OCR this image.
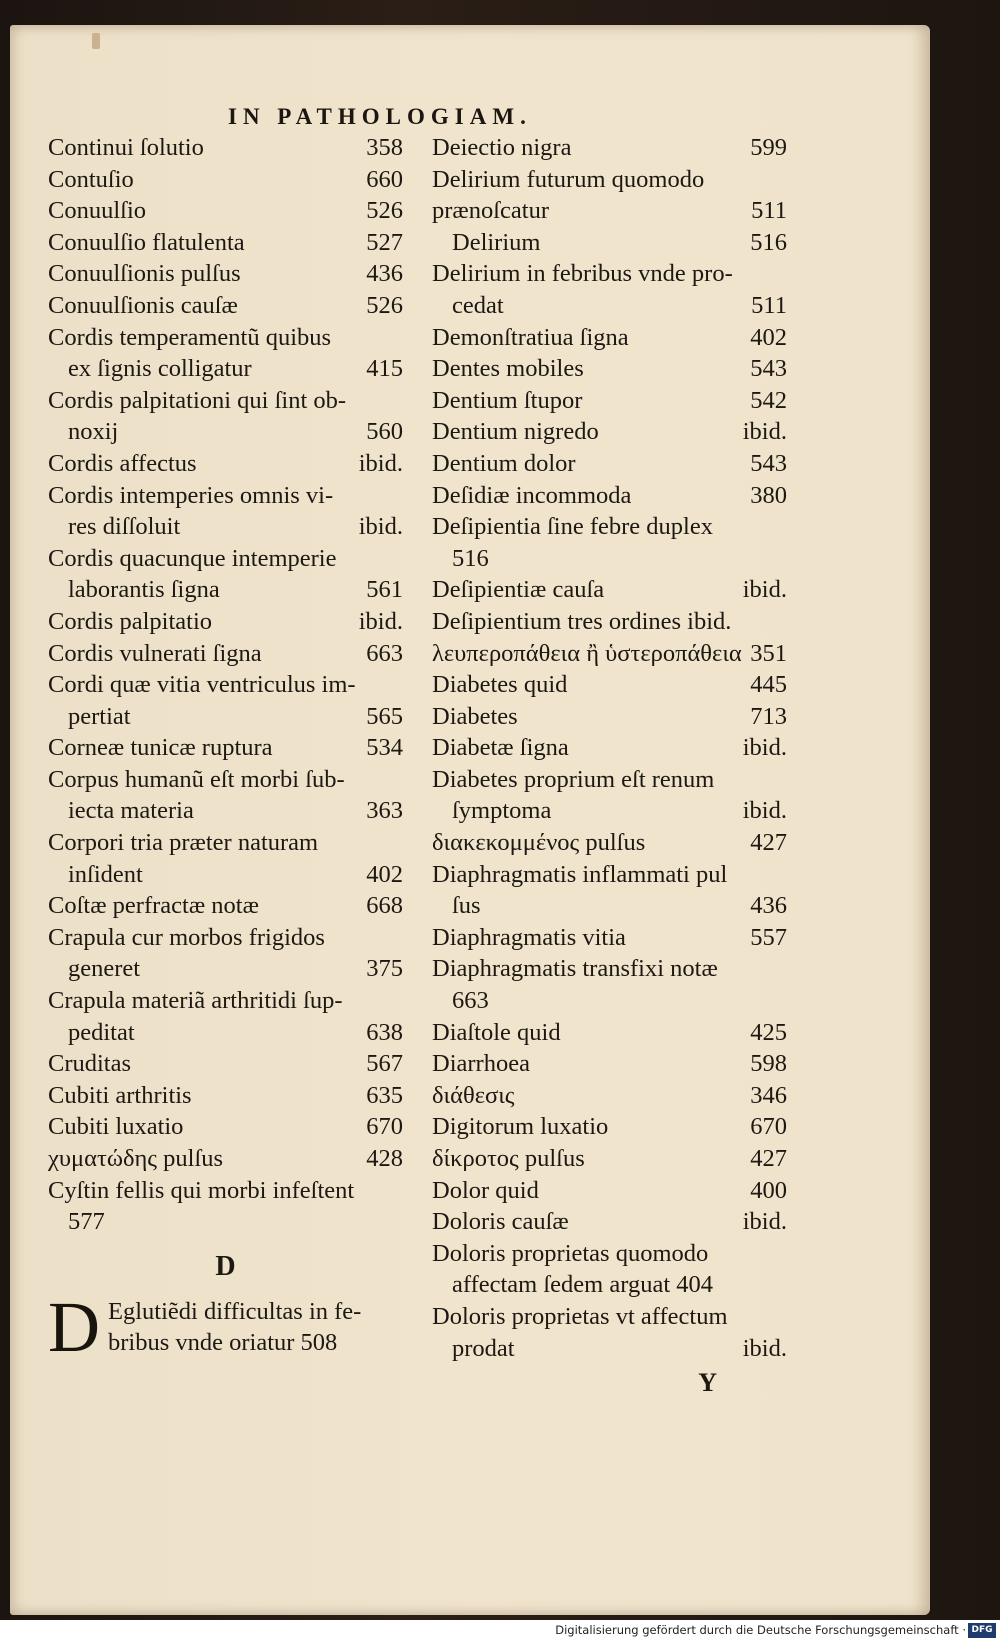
IN PATHOLOGIAM.
Continui ſolutio	358
Contuſio	660
Conuulſio	526
Conuulſio flatulenta	527
Conuulſionis pulſus	436
Conuulſionis cauſæ	526
Cordis temperamentũ quibus
ex ſignis colligatur	415
Cordis palpitationi qui ſint ob-
noxij	560
Cordis affectus	ibid.
Cordis intemperies omnis vi-
res diſſoluit	ibid.
Cordis quacunque intemperie
laborantis ſigna	561
Cordis palpitatio	ibid.
Cordis vulnerati ſigna	663
Cordi quæ vitia ventriculus im-
pertiat	565
Corneæ tunicæ ruptura	534
Corpus humanũ eſt morbi ſub-
iecta materia	363
Corpori tria præter naturam
inſident	402
Coſtæ perfractæ notæ	668
Crapula cur morbos frigidos
generet	375
Crapula materiã arthritidi ſup-
peditat	638
Cruditas	567
Cubiti arthritis	635
Cubiti luxatio	670
χυματώδης pulſus	428
Cyſtin fellis qui morbi infeſtent
577
D
D Eglutiẽdi difficultas in fe-
bribus vnde oriatur 508
Deiectio nigra	599
Delirium futurum quomodo
prænoſcatur	511
Delirium	516
Delirium in febribus vnde pro-
cedat	511
Demonſtratiua ſigna	402
Dentes mobiles	543
Dentium ſtupor	542
Dentium nigredo	ibid.
Dentium dolor	543
Deſidiæ incommoda	380
Deſipientia ſine febre duplex
516
Deſipientiæ cauſa	ibid.
Deſipientium tres ordines ibid.
λευπεροπάθεια ἢ ὑστεροπάθεια 351
Diabetes quid	445
Diabetes	713
Diabetæ ſigna	ibid.
Diabetes proprium eſt renum
ſymptoma	ibid.
διακεκομμένος pulſus	427
Diaphragmatis inflammati pul
ſus	436
Diaphragmatis vitia	557
Diaphragmatis transfixi notæ
663
Diaſtole quid	425
Diarrhoea	598
διάθεσις	346
Digitorum luxatio	670
δίκροτος pulſus	427
Dolor quid	400
Doloris cauſæ	ibid.
Doloris proprietas quomodo
affectam ſedem arguat 404
Doloris proprietas vt affectum
prodat	ibid.
Y
Digitalisierung gefördert durch die Deutsche Forschungsgemeinschaft · DFG
